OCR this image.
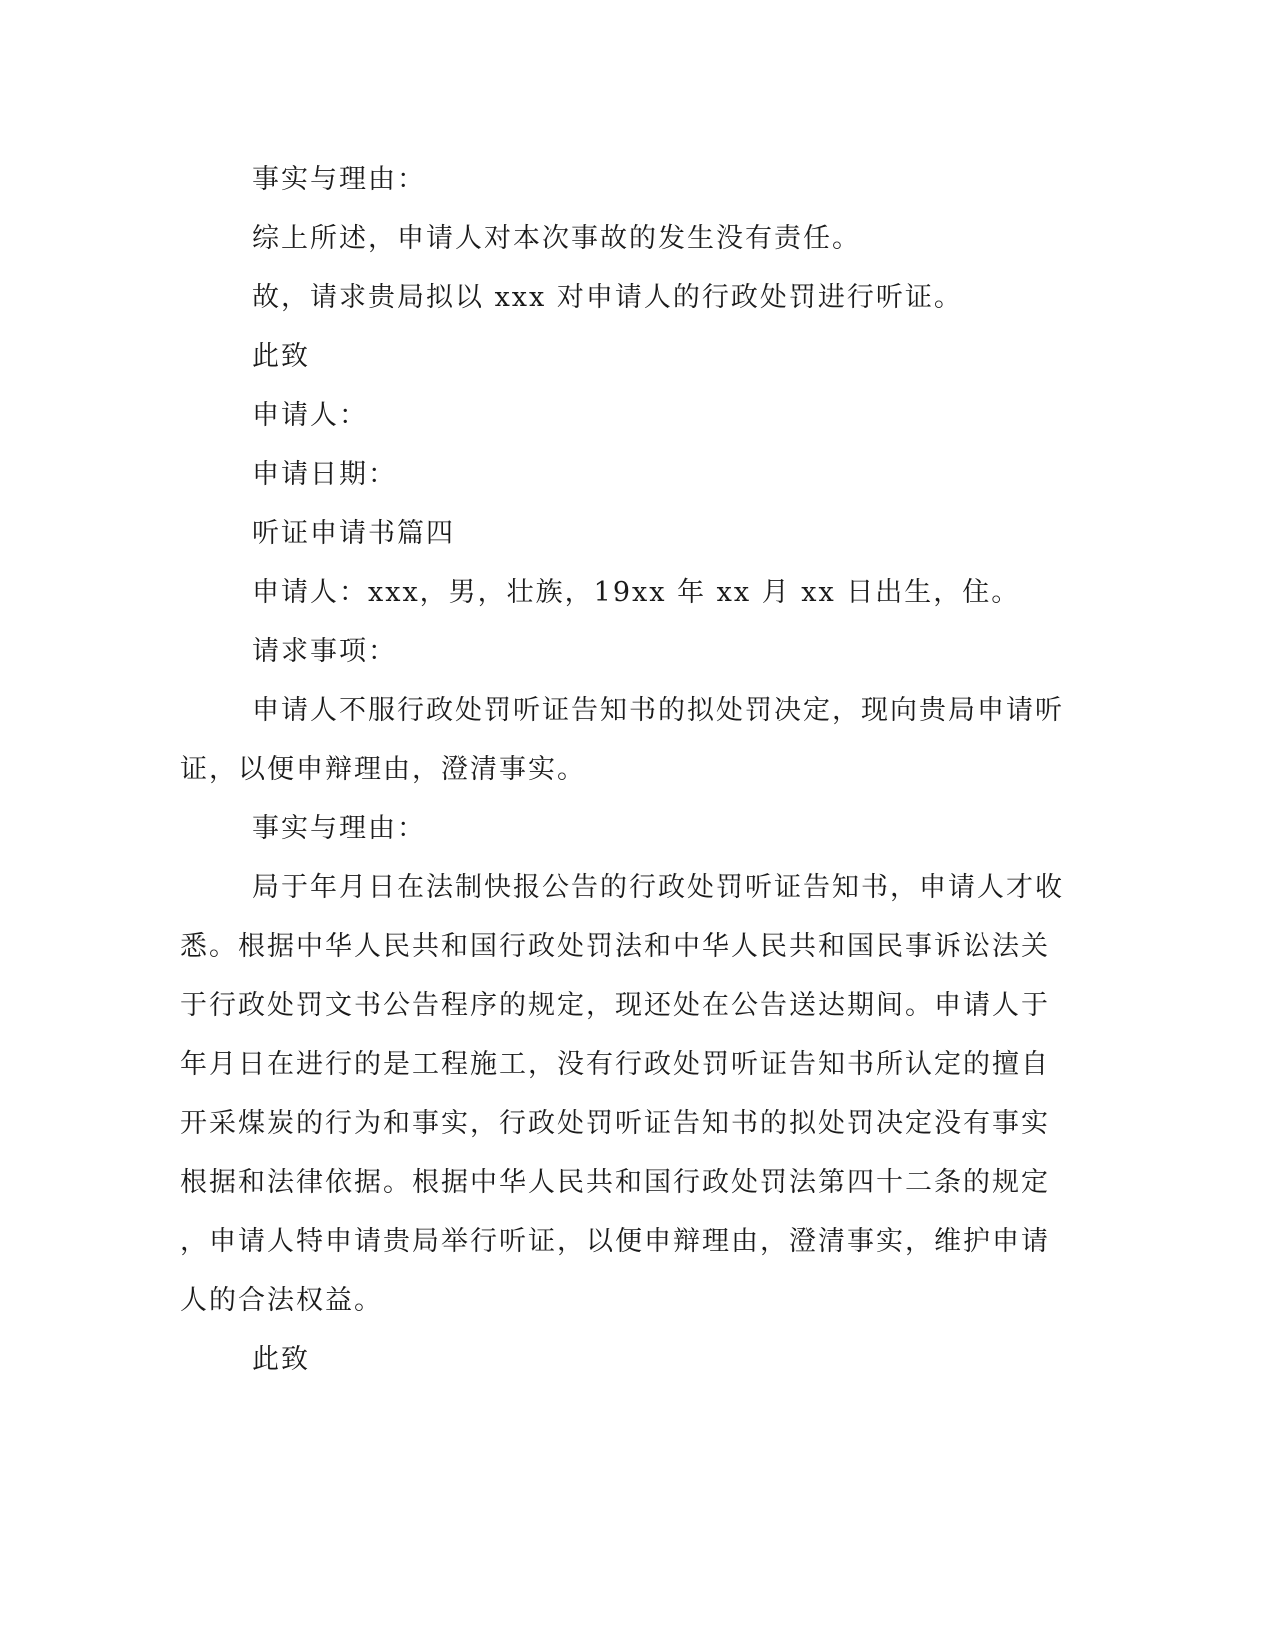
事实与理由：
综上所述，申请人对本次事故的发生没有责任。
故，请求贵局拟以 xxx 对申请人的行政处罚进行听证。
此致
申请人：
申请日期：
听证申请书篇四
申请人：xxx，男，壮族，19xx 年 xx 月 xx 日出生，住。
请求事项：
申请人不服行政处罚听证告知书的拟处罚决定，现向贵局申请听
证，以便申辩理由，澄清事实。
事实与理由：
局于年月日在法制快报公告的行政处罚听证告知书，申请人才收
悉。根据中华人民共和国行政处罚法和中华人民共和国民事诉讼法关
于行政处罚文书公告程序的规定，现还处在公告送达期间。申请人于
年月日在进行的是工程施工，没有行政处罚听证告知书所认定的擅自
开采煤炭的行为和事实，行政处罚听证告知书的拟处罚决定没有事实
根据和法律依据。根据中华人民共和国行政处罚法第四十二条的规定
，申请人特申请贵局举行听证，以便申辩理由，澄清事实，维护申请
人的合法权益。
此致
